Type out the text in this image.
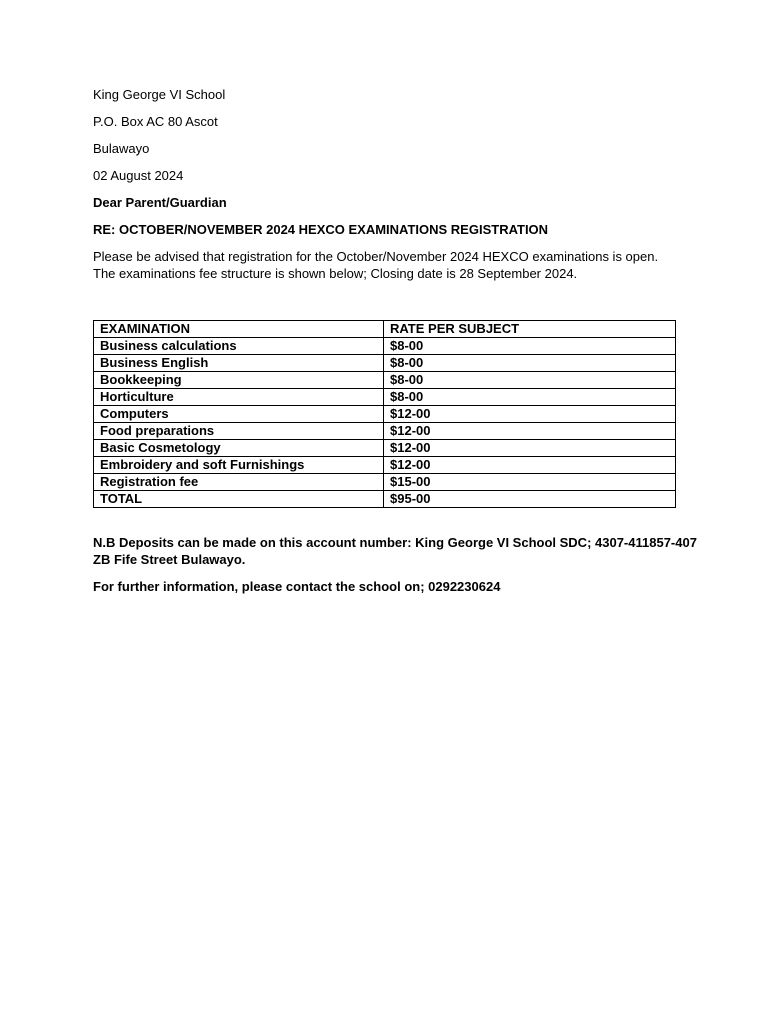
King George VI School
P.O. Box AC 80 Ascot
Bulawayo
02 August 2024
Dear Parent/Guardian
RE: OCTOBER/NOVEMBER 2024 HEXCO EXAMINATIONS REGISTRATION
Please be advised that registration for the October/November 2024 HEXCO examinations is open.
The examinations fee structure is shown below; Closing date is 28 September 2024.
EXAMINATION	RATE PER SUBJECT
Business calculations	$8-00
Business English	$8-00
Bookkeeping	$8-00
Horticulture	$8-00
Computers	$12-00
Food preparations	$12-00
Basic Cosmetology	$12-00
Embroidery and soft Furnishings	$12-00
Registration fee	$15-00
TOTAL	$95-00
N.B Deposits can be made on this account number: King George VI School SDC; 4307-411857-407
ZB Fife Street Bulawayo.
For further information, please contact the school on; 0292230624
